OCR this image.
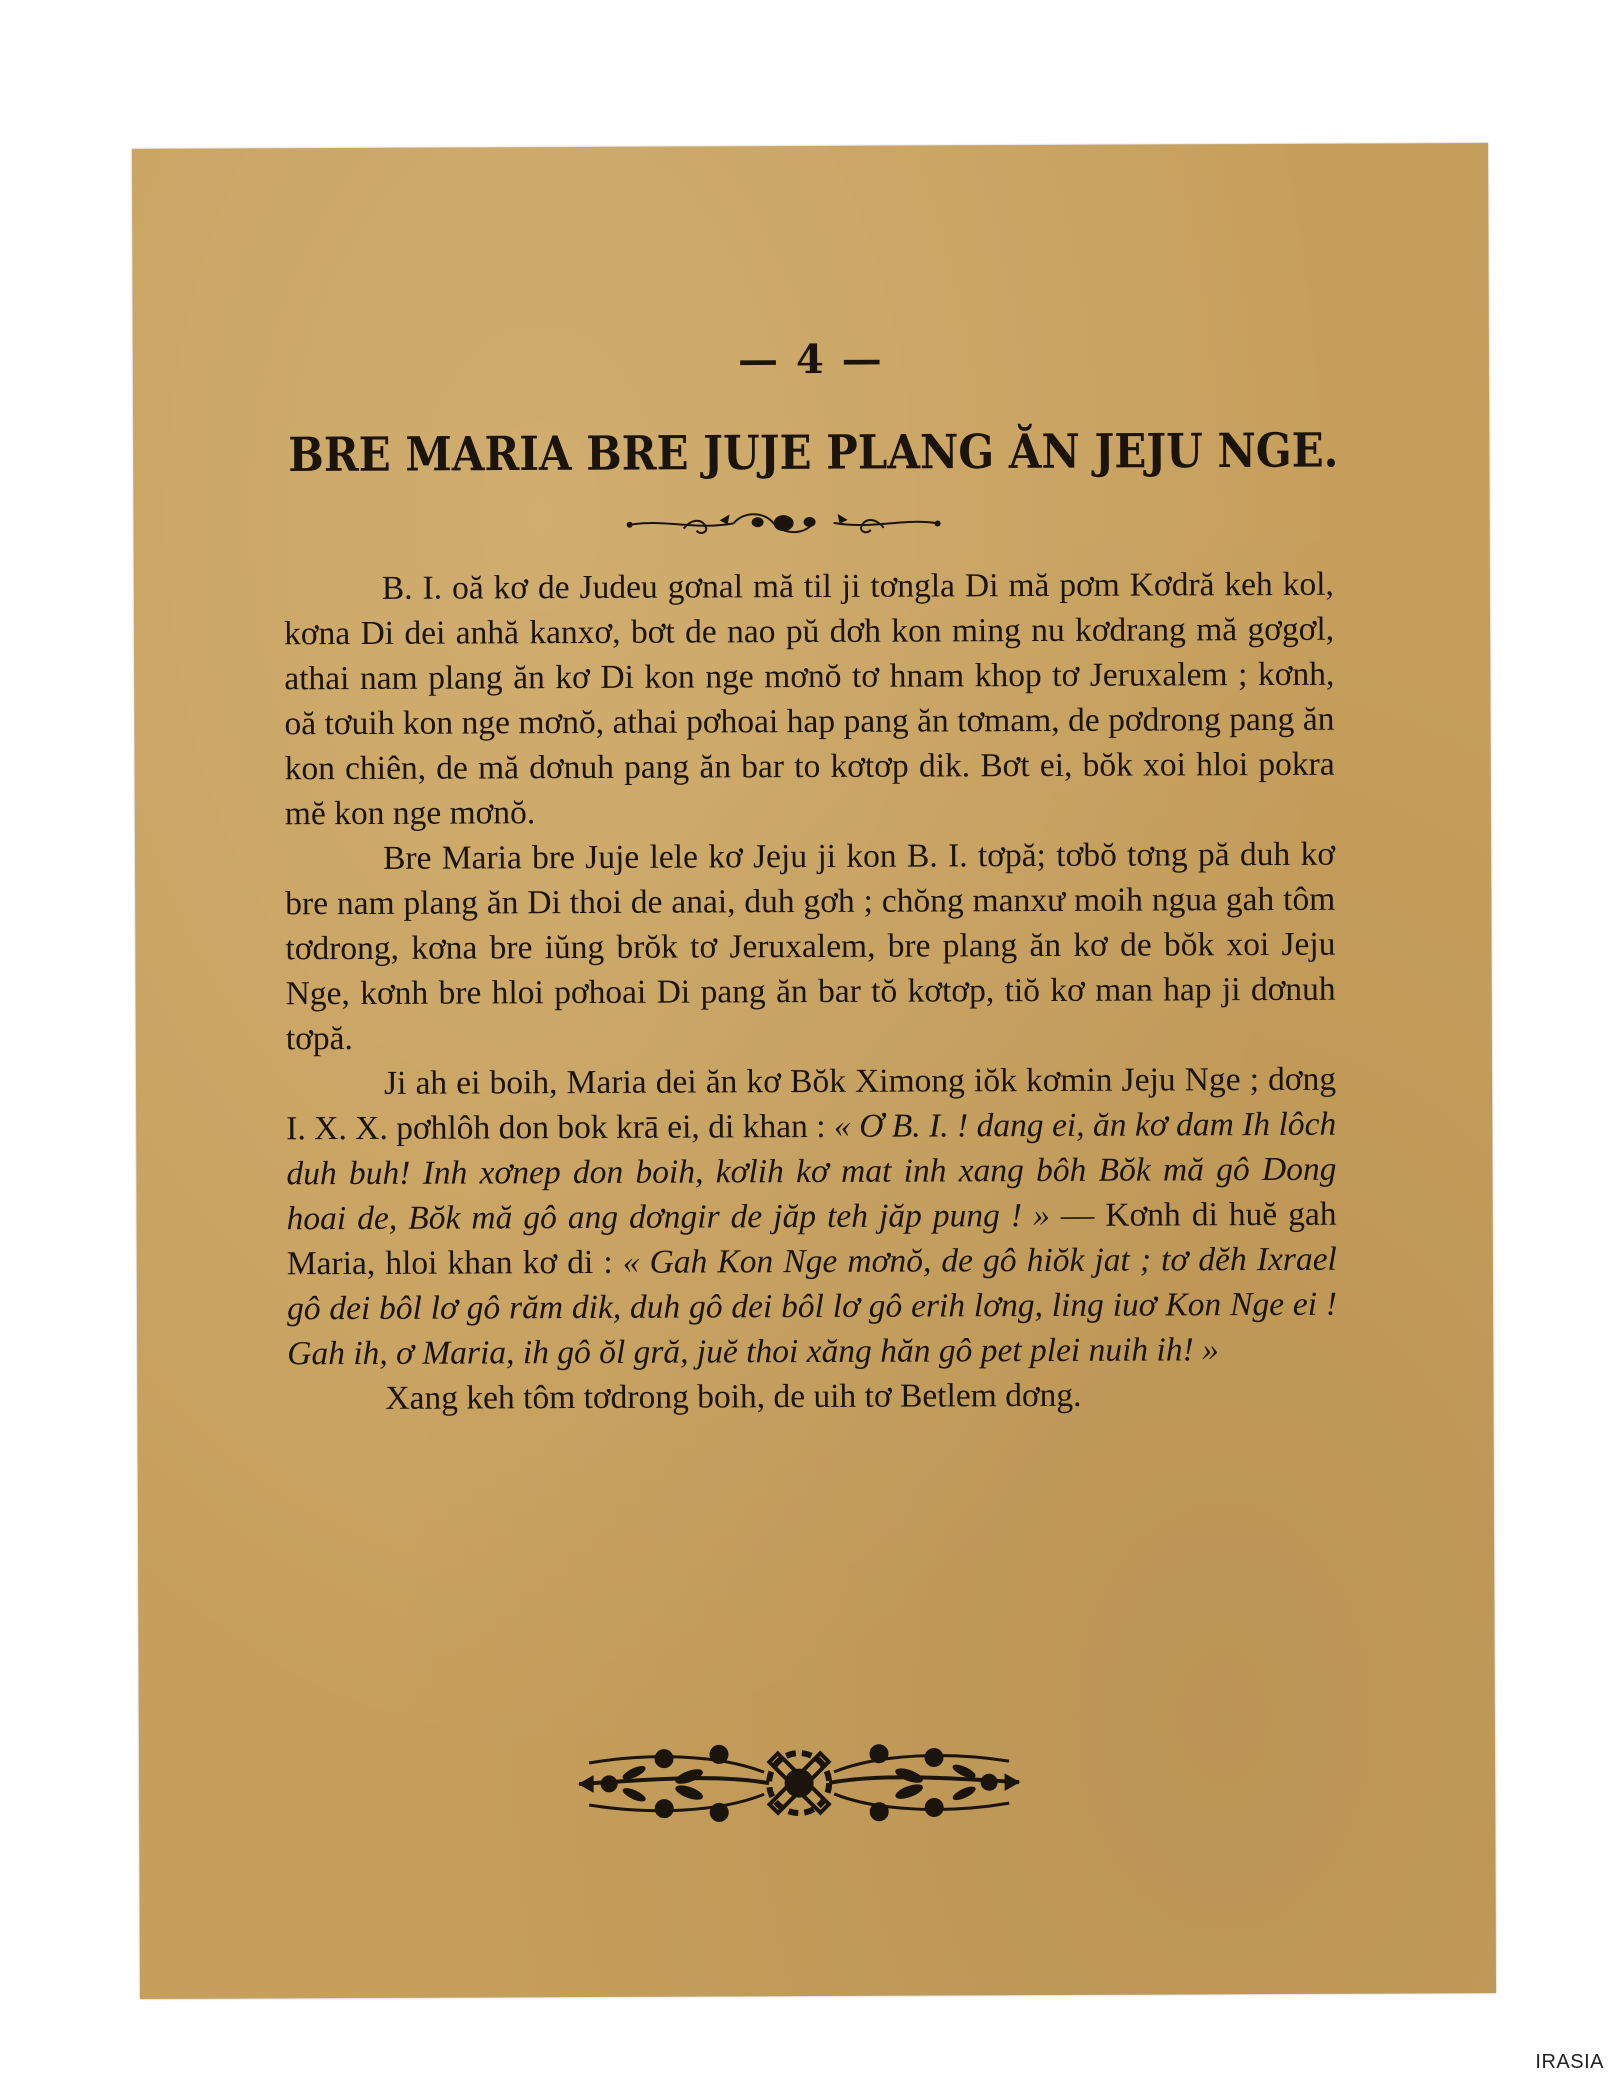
— 4 —
BRE MARIA BRE JUJE PLANG ĂN JEJU NGE.

B. I. oă kơ de Judeu gơnal mă til ji tơngla Di mă pơm Kơdră keh kol, kơna Di dei anhă kanxơ, bơt de nao pŭ dơh kon ming nu kơdrang mă gơgơl, athai nam plang ăn kơ Di kon nge mơnŏ tơ hnam khop tơ Jeruxalem ; kơnh, oă tơuih kon nge mơnŏ, athai pơhoai hap pang ăn tơmam, de pơdrong pang ăn kon chiên, de mă dơnuh pang ăn bar to kơtơp dik. Bơt ei, bŏk xoi hloi pokra mĕ kon nge mơnŏ.

Bre Maria bre Juje lele kơ Jeju ji kon B. I. tơpă; tơbŏ tơng pă duh kơ bre nam plang ăn Di thoi de anai, duh gơh ; chŏng manxư moih ngua gah tôm tơdrong, kơna bre iŭng brŏk tơ Jeruxalem, bre plang ăn kơ de bŏk xoi Jeju Nge, kơnh bre hloi pơhoai Di pang ăn bar tŏ kơtơp, tiŏ kơ man hap ji dơnuh tơpă.

Ji ah ei boih, Maria dei ăn kơ Bŏk Ximong iŏk kơmin Jeju Nge ; dơng I. X. X. pơhlôh don bok krā ei, di khan : « Ơ B. I. ! dang ei, ăn kơ dam Ih lôch duh buh! Inh xơnep don boih, kơlih kơ mat inh xang bôh Bŏk mă gô Dong hoai de, Bŏk mă gô ang dơngir de jăp teh jăp pung ! » — Kơnh di huĕ gah Maria, hloi khan kơ di : « Gah Kon Nge mơnŏ, de gô hiŏk jat ; tơ dĕh Ixrael gô dei bôl lơ gô răm dik, duh gô dei bôl lơ gô erih lơng, ling iuơ Kon Nge ei ! Gah ih, ơ Maria, ih gô ŏl gră, juĕ thoi xăng hăn gô pet plei nuih ih! »

Xang keh tôm tơdrong boih, de uih tơ Betlem dơng.

IRASIA
